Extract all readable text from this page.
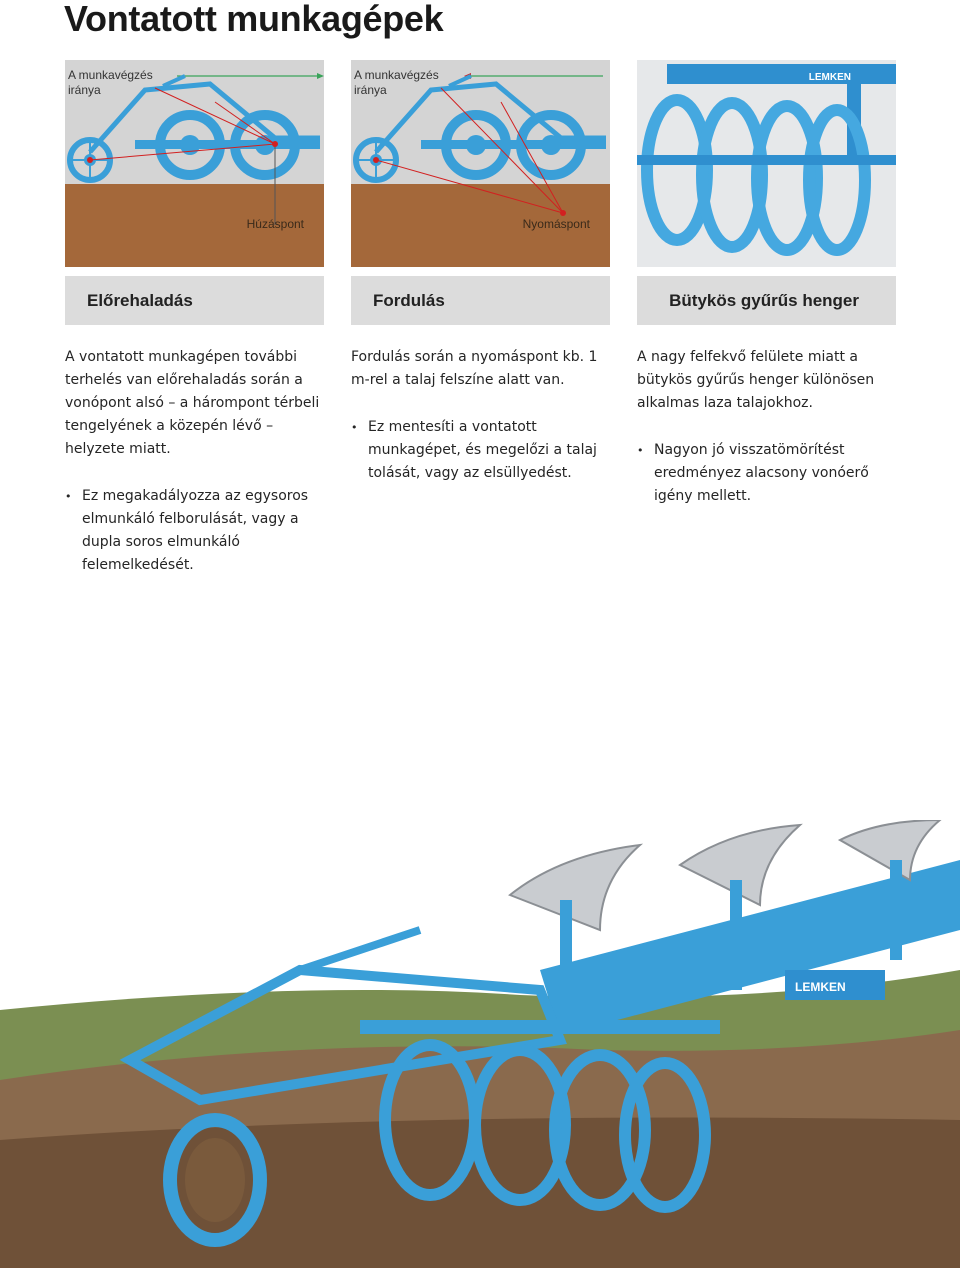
Vontatott munkagépek
A munkavégzés iránya
Húzáspont
A munkavégzés iránya
Nyomáspont
LEMKEN
Előrehaladás	Fordulás	Bütykös gyűrűs henger

A vontatott munkagépen további terhelés van előrehaladás során a vonópont alsó – a hárompont térbeli tengelyének a közepén lévő – helyzete miatt.

• Ez megakadályozza az egysoros elmunkáló felborulását, vagy a dupla soros elmunkáló felemelkedését.

Fordulás során a nyomáspont kb. 1 m-rel a talaj felszíne alatt van.

• Ez mentesíti a vontatott munkagépet, és megelőzi a talaj tolását, vagy az elsüllyedést.

A nagy felfekvő felülete miatt a bütykös gyűrűs henger különösen alkalmas laza talajokhoz.

• Nagyon jó visszatömörítést eredményez alacsony vonóerő igény mellett.
LEMKEN
